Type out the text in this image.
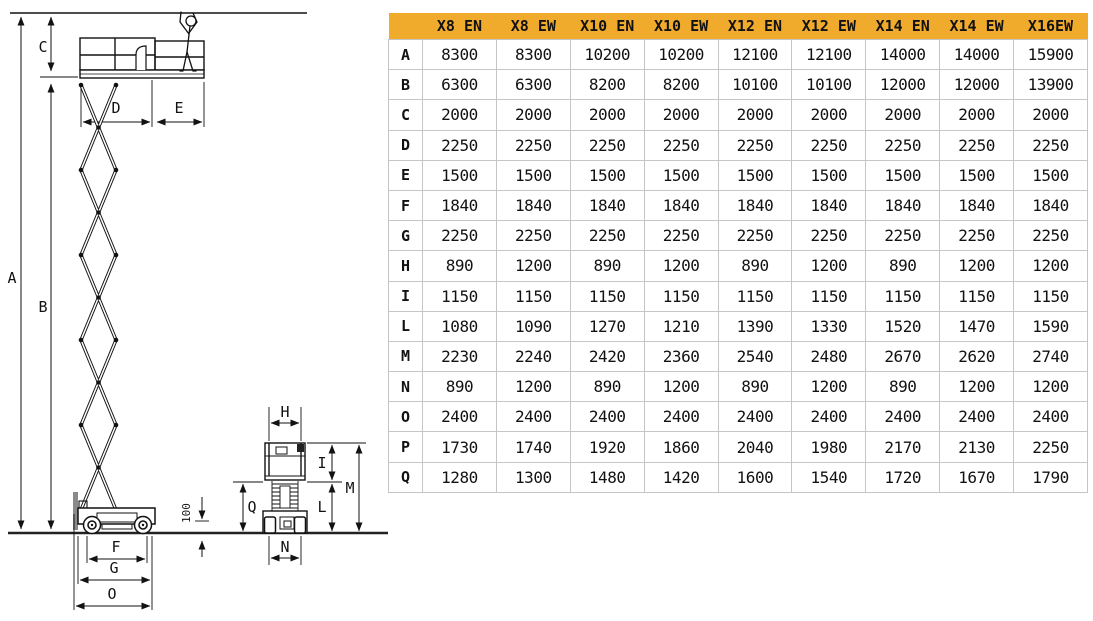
A
C
B
D	E
F
G
O
100
H
I
M
L
Q
N
	X8 EN	X8 EW	X10 EN	X10 EW	X12 EN	X12 EW	X14 EN	X14 EW	X16EW
A	8300	8300	10200	10200	12100	12100	14000	14000	15900
B	6300	6300	8200	8200	10100	10100	12000	12000	13900
C	2000	2000	2000	2000	2000	2000	2000	2000	2000
D	2250	2250	2250	2250	2250	2250	2250	2250	2250
E	1500	1500	1500	1500	1500	1500	1500	1500	1500
F	1840	1840	1840	1840	1840	1840	1840	1840	1840
G	2250	2250	2250	2250	2250	2250	2250	2250	2250
H	890	1200	890	1200	890	1200	890	1200	1200
I	1150	1150	1150	1150	1150	1150	1150	1150	1150
L	1080	1090	1270	1210	1390	1330	1520	1470	1590
M	2230	2240	2420	2360	2540	2480	2670	2620	2740
N	890	1200	890	1200	890	1200	890	1200	1200
O	2400	2400	2400	2400	2400	2400	2400	2400	2400
P	1730	1740	1920	1860	2040	1980	2170	2130	2250
Q	1280	1300	1480	1420	1600	1540	1720	1670	1790
